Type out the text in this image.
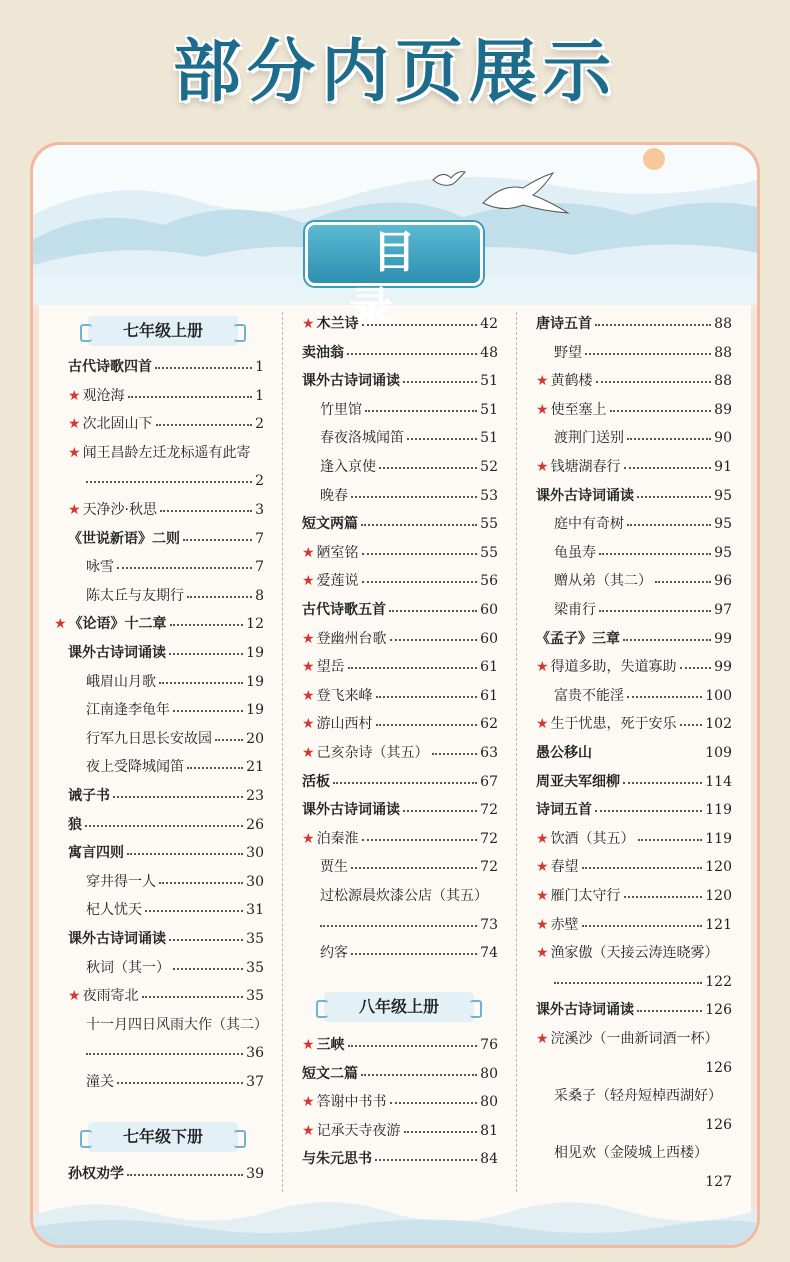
部分内页展示
目录
七年级上册
古代诗歌四首	1
★ 观沧海	1
★ 次北固山下	2
★ 闻王昌龄左迁龙标遥有此寄
2
★ 天净沙·秋思	3
《世说新语》二则	7
咏雪	7
陈太丘与友期行	8
★ 《论语》十二章	12
课外古诗词诵读	19
峨眉山月歌	19
江南逢李龟年	19
行军九日思长安故园 20
夜上受降城闻笛	21
诫子书	23
狼	26
寓言四则	30
穿井得一人	30
杞人忧天	31
课外古诗词诵读	35
秋词（其一）	35
★ 夜雨寄北	35
十一月四日风雨大作（其二）
36
潼关	37
七年级下册
孙权劝学	39
★ 木兰诗	42
卖油翁	48
课外古诗词诵读	51
竹里馆	51
春夜洛城闻笛	51
逢入京使	52
晚春	53
短文两篇	55
★ 陋室铭	55
★ 爱莲说	56
古代诗歌五首	60
★ 登幽州台歌	60
★ 望岳	61
★ 登飞来峰	61
★ 游山西村	62
★ 己亥杂诗（其五）	63
活板	67
课外古诗词诵读	72
★ 泊秦淮	72
贾生	72
过松源晨炊漆公店（其五）
73
约客	74
八年级上册
★ 三峡	76
短文二篇	80
★ 答谢中书书	80
★ 记承天寺夜游	81
与朱元思书	84
唐诗五首	88
野望	88
★ 黄鹤楼	88
★ 使至塞上	89
渡荆门送别	90
★ 钱塘湖春行	91
课外古诗词诵读	95
庭中有奇树	95
龟虽寿	95
赠从弟（其二）	96
梁甫行	97
《孟子》三章	99
★ 得道多助，失道寡助	99
富贵不能淫	100
★ 生于忧患，死于安乐 102
愚公移山	109
周亚夫军细柳	114
诗词五首	119
★ 饮酒（其五）	119
★ 春望	120
★ 雁门太守行	120
★ 赤壁	121
★ 渔家傲（天接云涛连晓雾）
122
课外古诗词诵读	126
★ 浣溪沙（一曲新词酒一杯）
126
采桑子（轻舟短棹西湖好）
126
相见欢（金陵城上西楼）
127
